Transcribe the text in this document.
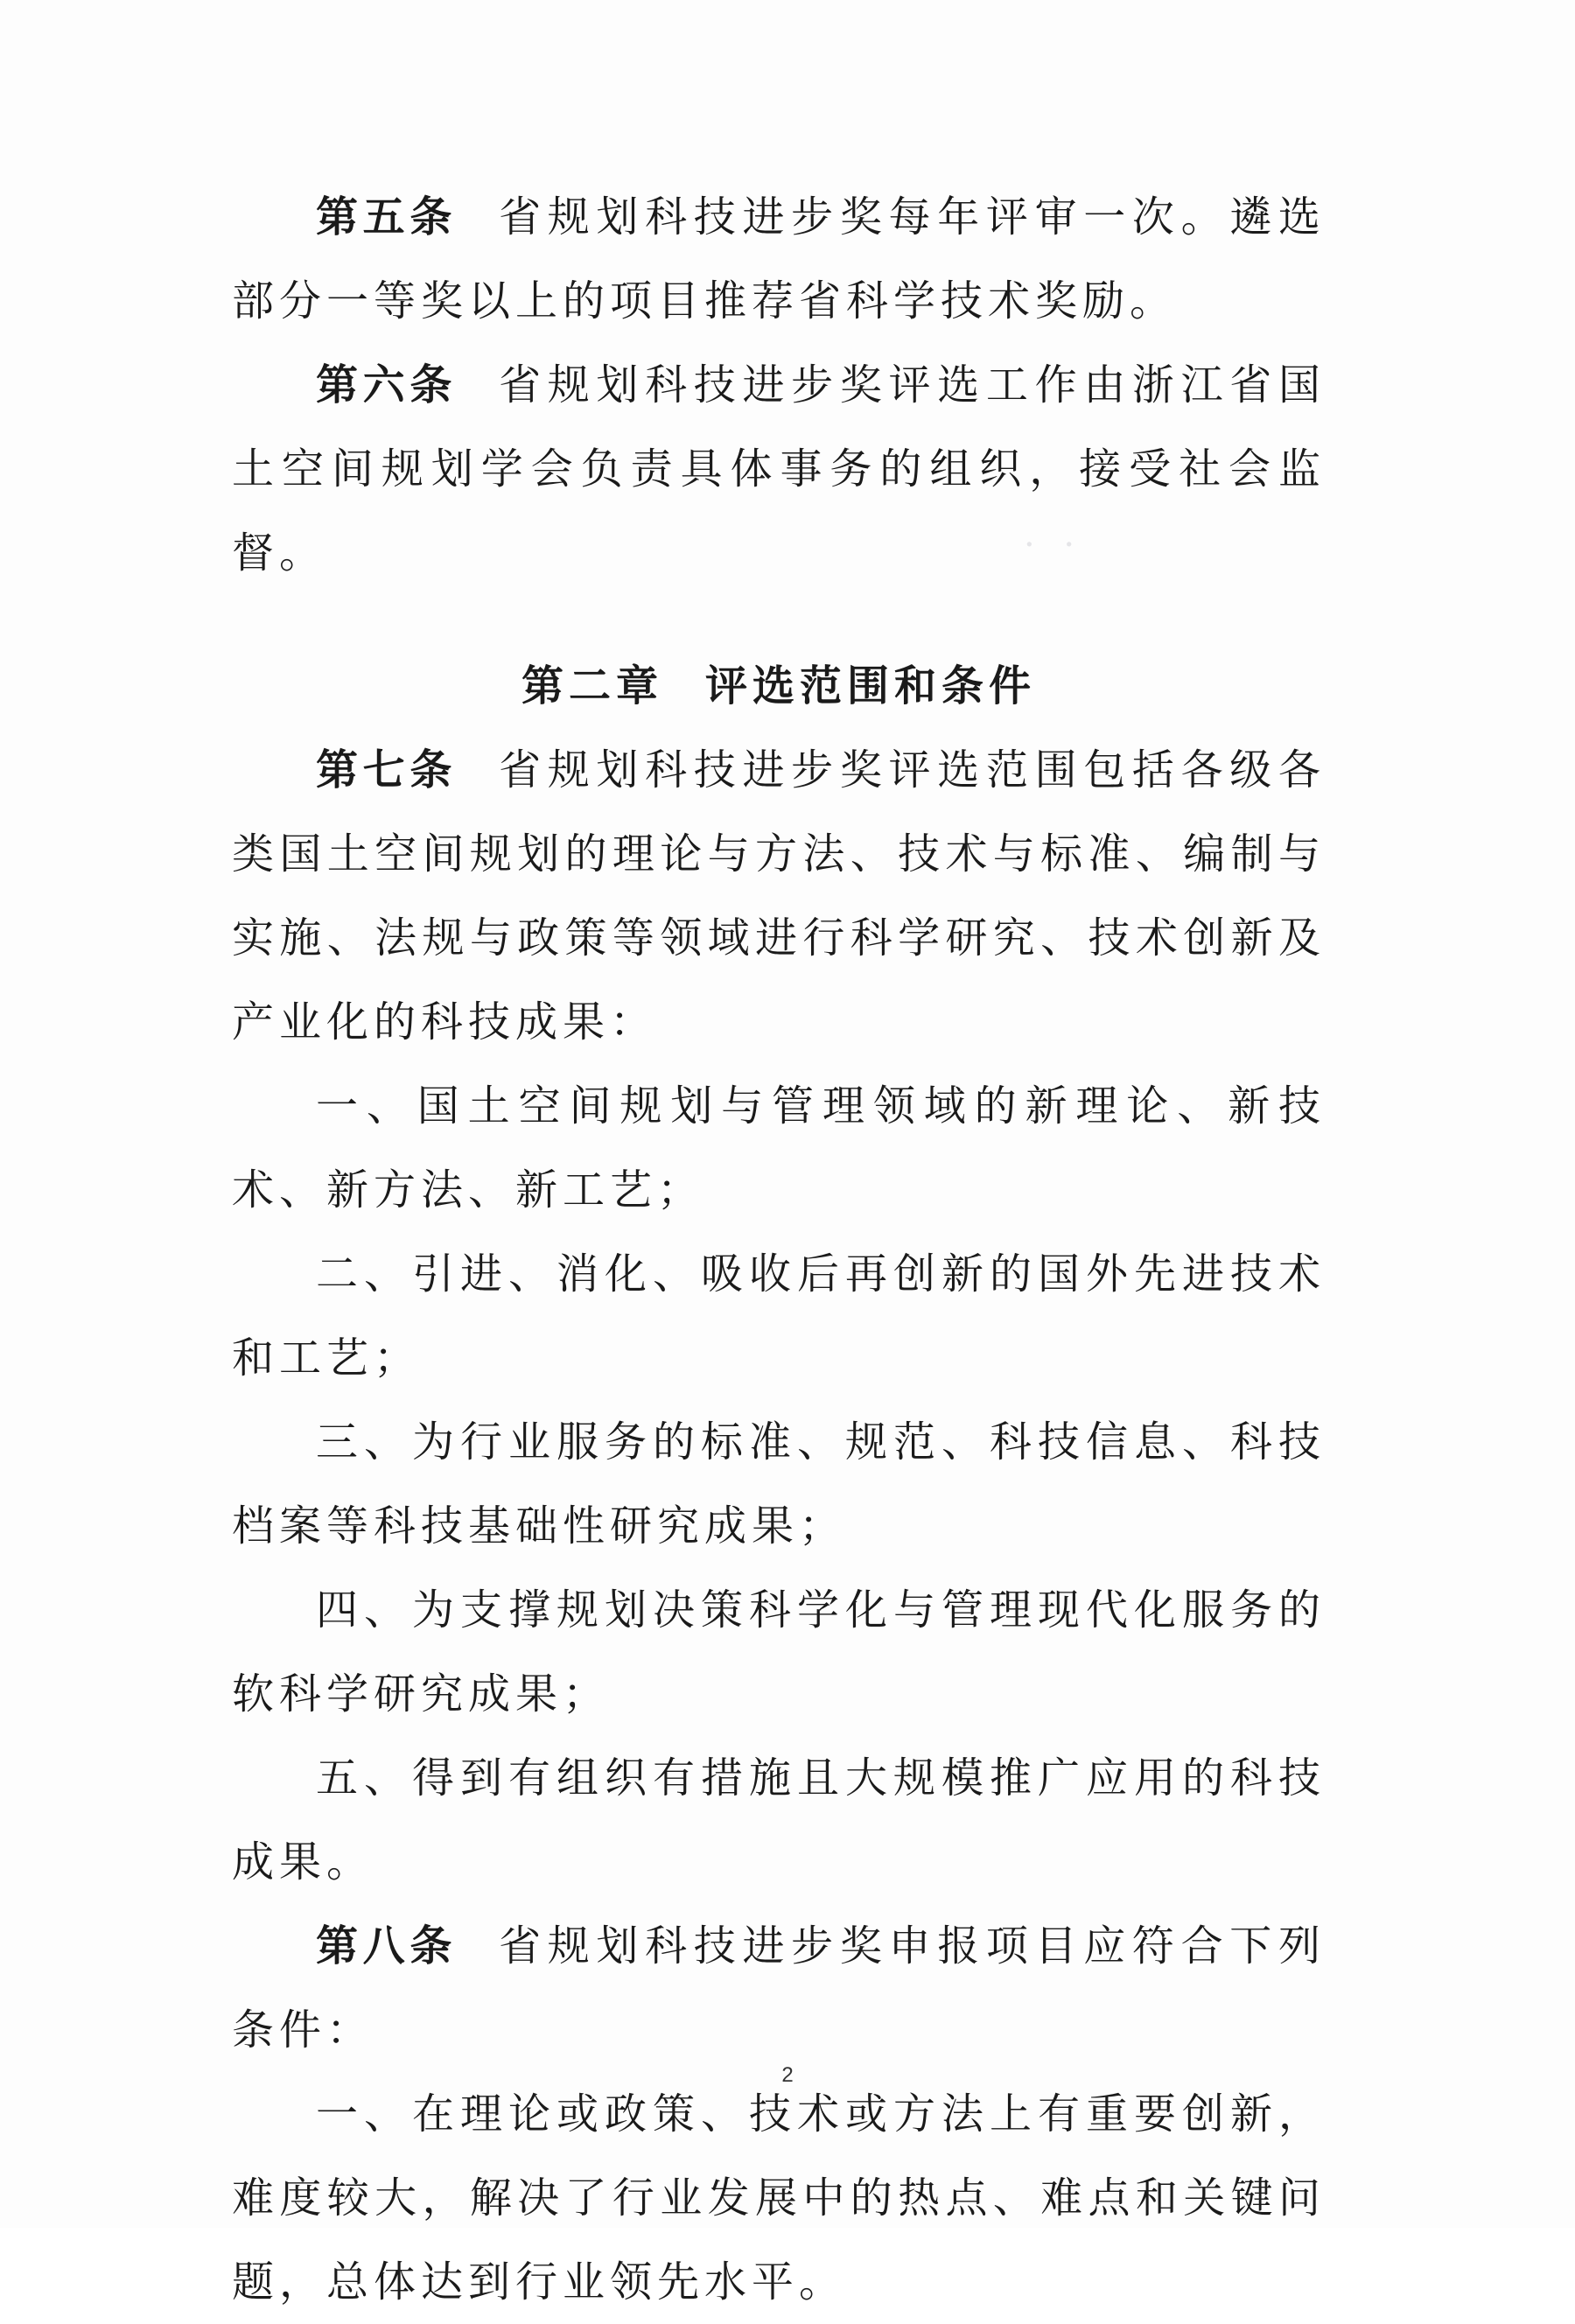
· ·

第五条 省规划科技进步奖每年评审一次。遴选部分一等奖以上的项目推荐省科学技术奖励。

第六条 省规划科技进步奖评选工作由浙江省国土空间规划学会负责具体事务的组织，接受社会监督。

第二章 评选范围和条件

第七条 省规划科技进步奖评选范围包括各级各类国土空间规划的理论与方法、技术与标准、编制与实施、法规与政策等领域进行科学研究、技术创新及产业化的科技成果：

一、国土空间规划与管理领域的新理论、新技术、新方法、新工艺；

二、引进、消化、吸收后再创新的国外先进技术和工艺；

三、为行业服务的标准、规范、科技信息、科技档案等科技基础性研究成果；

四、为支撑规划决策科学化与管理现代化服务的软科学研究成果；

五、得到有组织有措施且大规模推广应用的科技成果。

第八条 省规划科技进步奖申报项目应符合下列条件：

一、在理论或政策、技术或方法上有重要创新，难度较大，解决了行业发展中的热点、难点和关键问题，总体达到行业领先水平。

2
